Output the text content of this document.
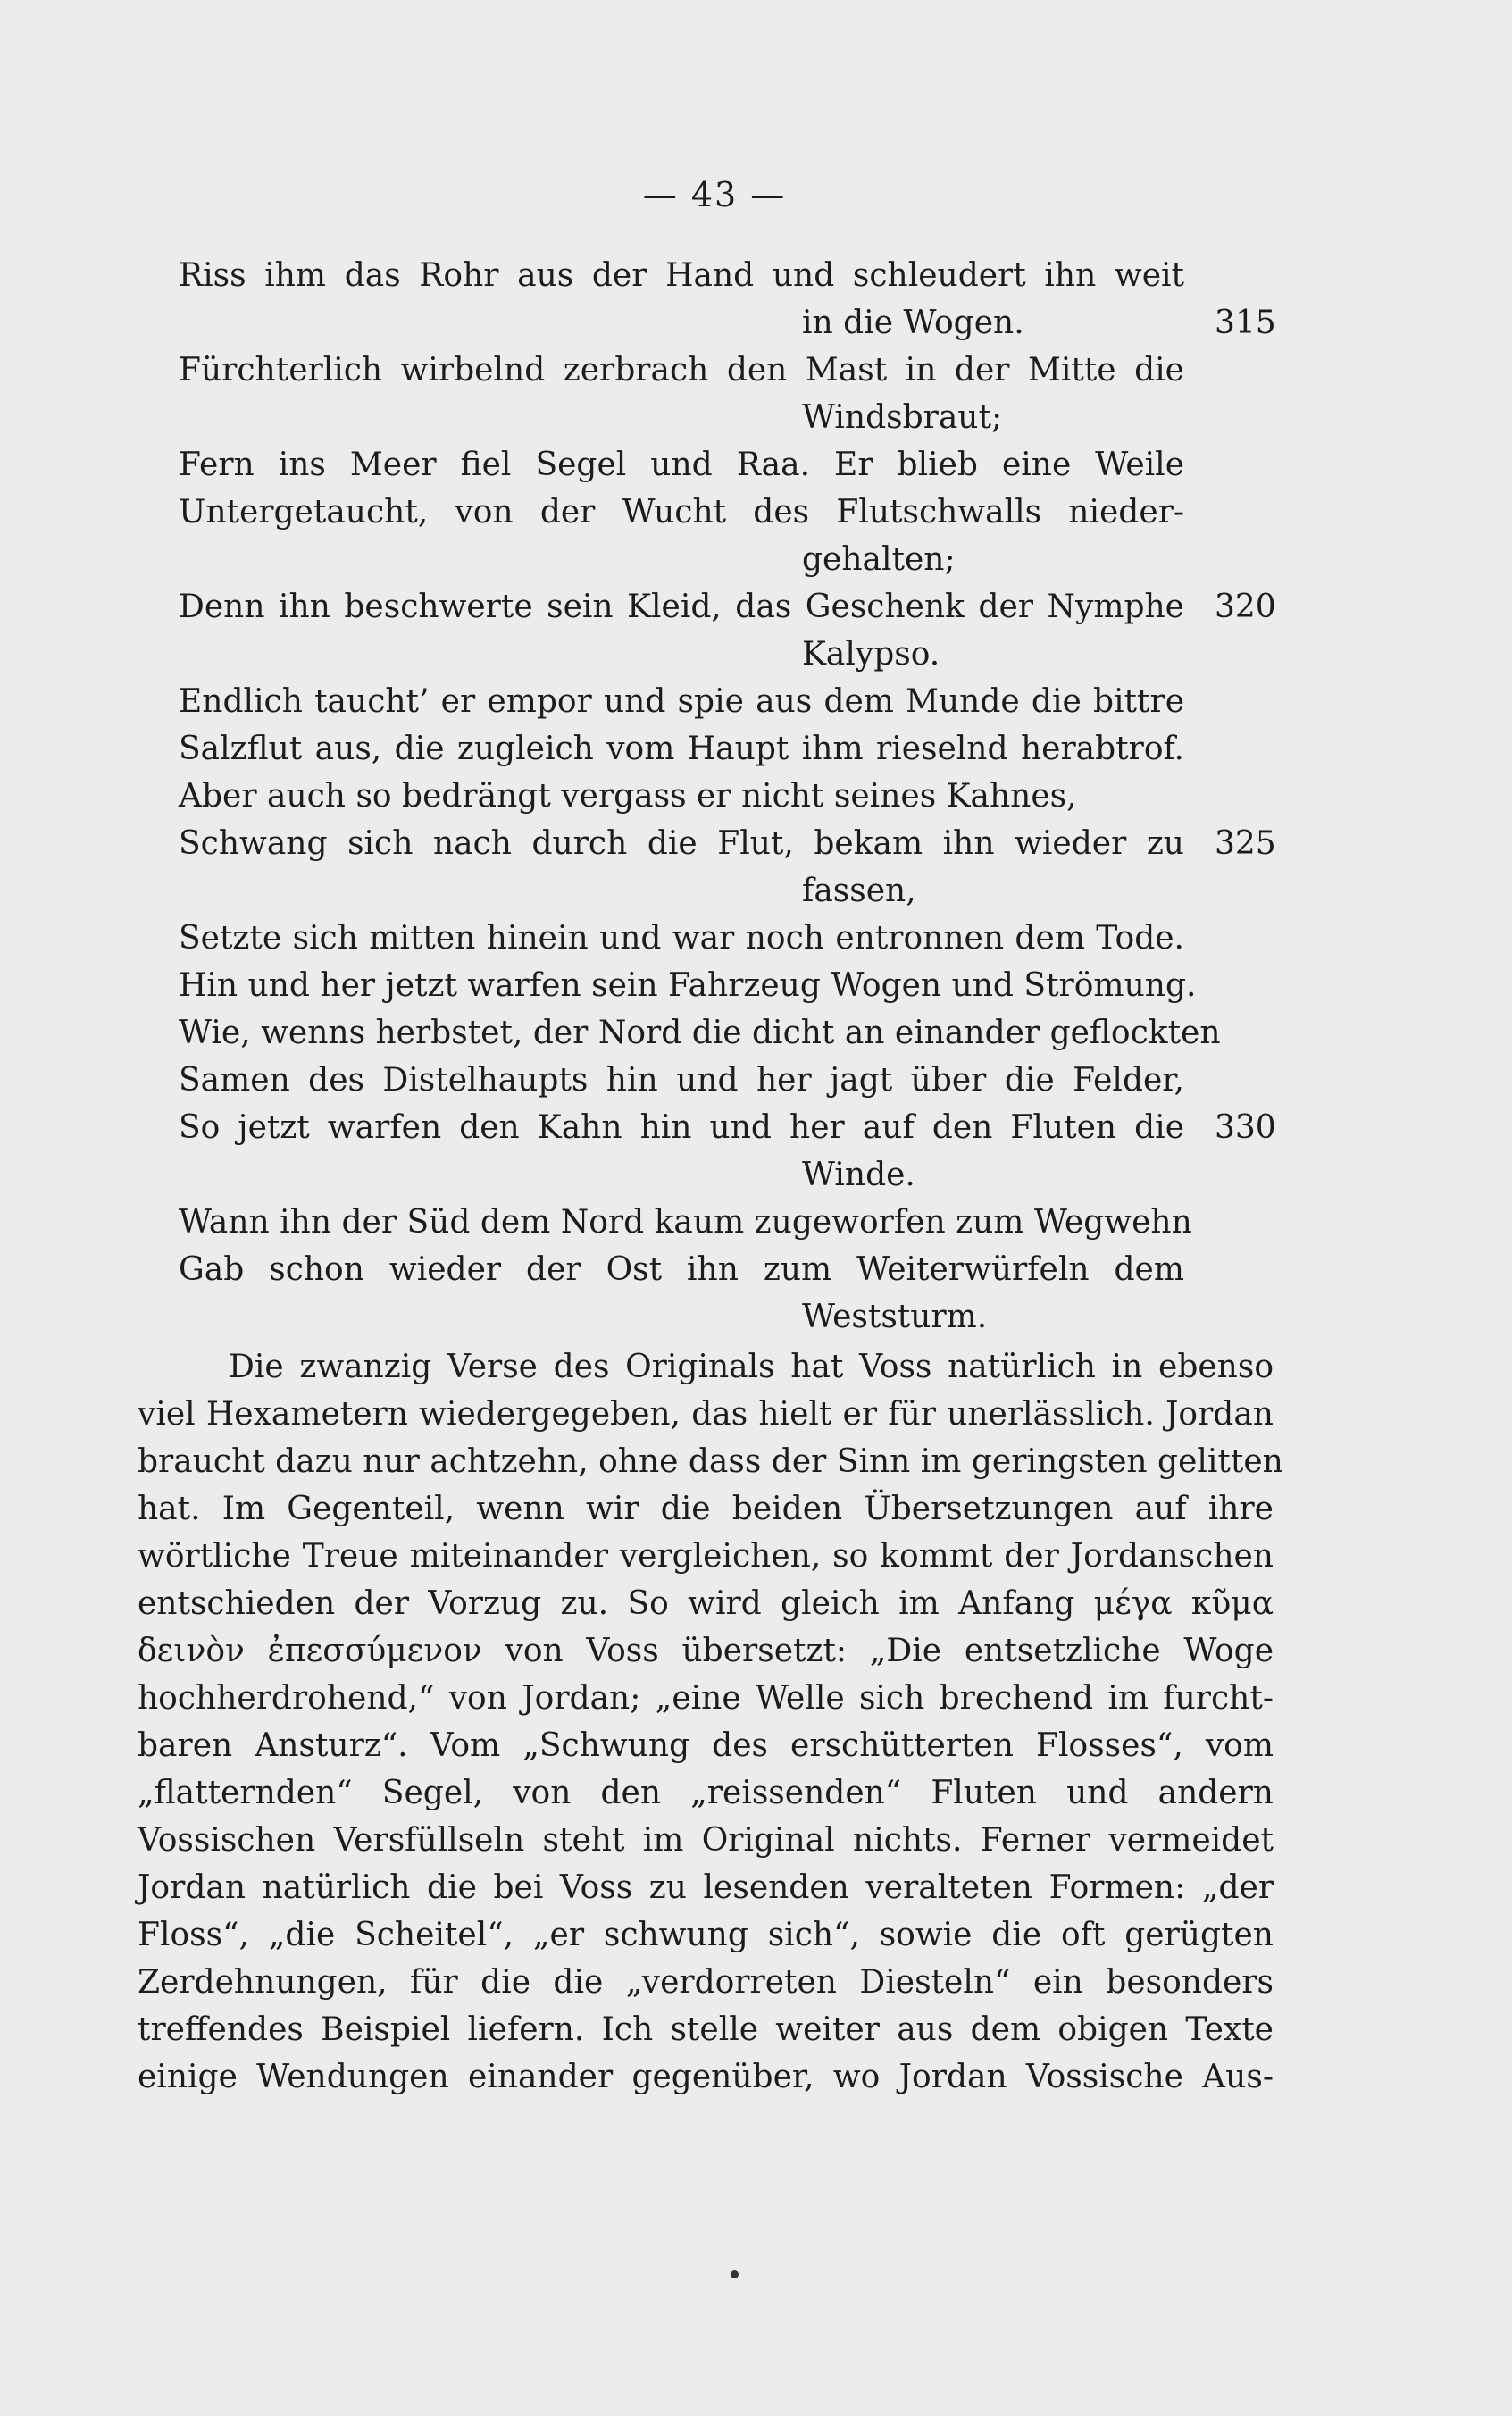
— 43 —
Riss ihm das Rohr aus der Hand und schleudert ihn weit
in die Wogen.	315
Fürchterlich wirbelnd zerbrach den Mast in der Mitte die
Windsbraut;
Fern ins Meer fiel Segel und Raa. Er blieb eine Weile
Untergetaucht, von der Wucht des Flutschwalls nieder-
gehalten;
Denn ihn beschwerte sein Kleid, das Geschenk der Nymphe 320
Kalypso.
Endlich taucht’ er empor und spie aus dem Munde die bittre
Salzflut aus, die zugleich vom Haupt ihm rieselnd herabtrof.
Aber auch so bedrängt vergass er nicht seines Kahnes,
Schwang sich nach durch die Flut, bekam ihn wieder zu 325
fassen,
Setzte sich mitten hinein und war noch entronnen dem Tode.
Hin und her jetzt warfen sein Fahrzeug Wogen und Strömung.
Wie, wenns herbstet, der Nord die dicht an einander geflockten
Samen des Distelhaupts hin und her jagt über die Felder,
So jetzt warfen den Kahn hin und her auf den Fluten die 330
Winde.
Wann ihn der Süd dem Nord kaum zugeworfen zum Wegwehn
Gab schon wieder der Ost ihn zum Weiterwürfeln dem
Weststurm.
Die zwanzig Verse des Originals hat Voss natürlich in ebenso
viel Hexametern wiedergegeben, das hielt er für unerlässlich. Jordan
braucht dazu nur achtzehn, ohne dass der Sinn im geringsten gelitten
hat. Im Gegenteil, wenn wir die beiden Übersetzungen auf ihre
wörtliche Treue miteinander vergleichen, so kommt der Jordanschen
entschieden der Vorzug zu. So wird gleich im Anfang μέγα κῦμα
δεινὸν ἐπεσσύμενον von Voss übersetzt: „Die entsetzliche Woge
hochherdrohend,“ von Jordan; „eine Welle sich brechend im furcht-
baren Ansturz“. Vom „Schwung des erschütterten Flosses“, vom
„flatternden“ Segel, von den „reissenden“ Fluten und andern
Vossischen Versfüllseln steht im Original nichts. Ferner vermeidet
Jordan natürlich die bei Voss zu lesenden veralteten Formen: „der
Floss“, „die Scheitel“, „er schwung sich“, sowie die oft gerügten
Zerdehnungen, für die die „verdorreten Diesteln“ ein besonders
treffendes Beispiel liefern. Ich stelle weiter aus dem obigen Texte
einige Wendungen einander gegenüber, wo Jordan Vossische Aus-
